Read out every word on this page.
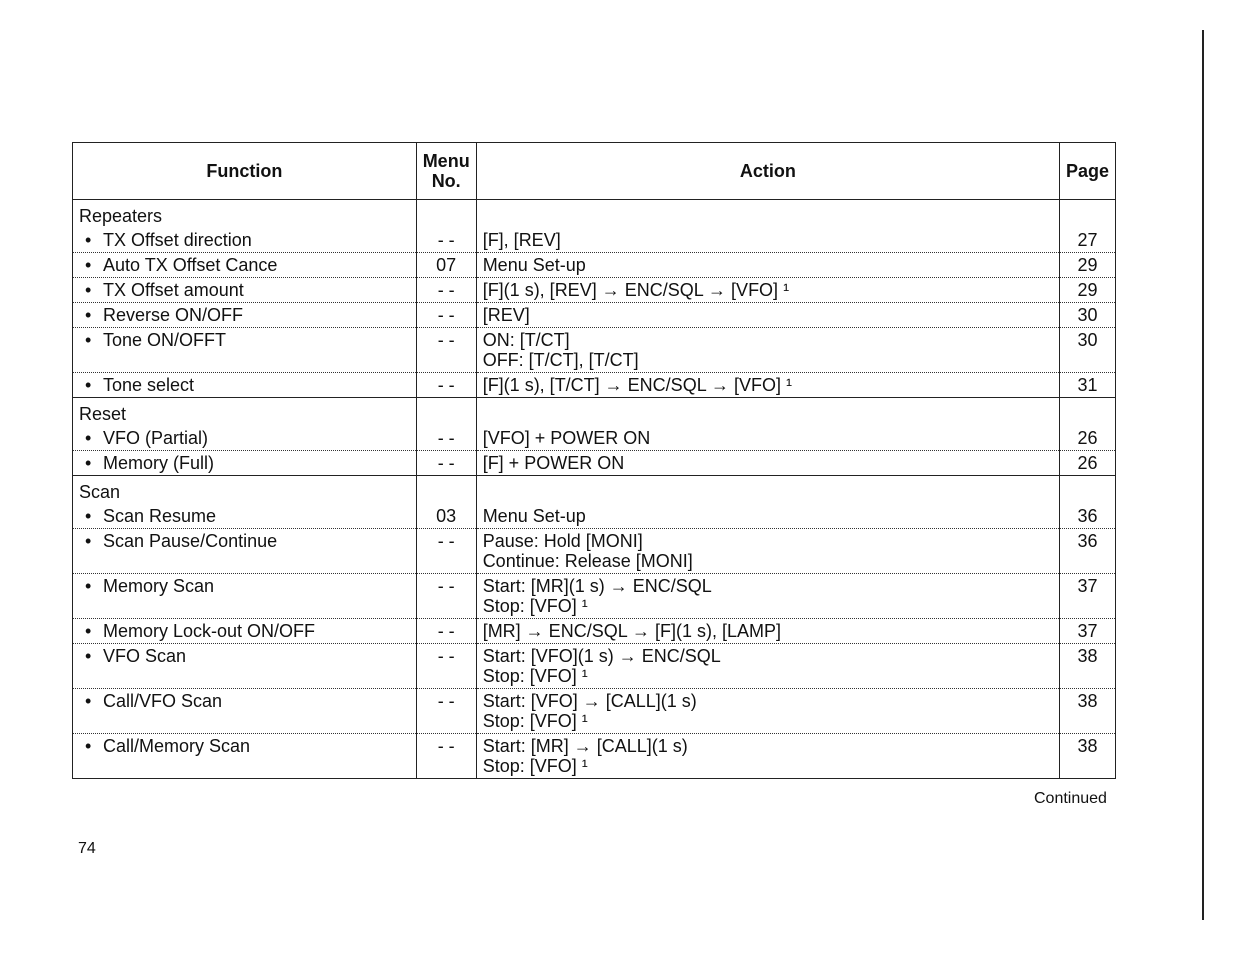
Function	Menu No.	Action	Page
Repeaters			
• TX Offset direction	- -	[F], [REV]	27
• Auto TX Offset Cance	07	Menu Set-up	29
• TX Offset amount	- -	[F](1 s), [REV] → ENC/SQL → [VFO] ¹	29
• Reverse ON/OFF	- -	[REV]	30
• Tone ON/OFFT	- -	ON: [T/CT]
OFF: [T/CT], [T/CT]	30
• Tone select	- -	[F](1 s), [T/CT] → ENC/SQL → [VFO] ¹	31
Reset			
• VFO (Partial)	- -	[VFO] + POWER ON	26
• Memory (Full)	- -	[F] + POWER ON	26
Scan			
• Scan Resume	03	Menu Set-up	36
• Scan Pause/Continue	- -	Pause: Hold [MONI]
Continue: Release [MONI]	36
• Memory Scan	- -	Start: [MR](1 s) → ENC/SQL
Stop: [VFO] ¹	37
• Memory Lock-out ON/OFF	- -	[MR] → ENC/SQL → [F](1 s), [LAMP]	37
• VFO Scan	- -	Start: [VFO](1 s) → ENC/SQL
Stop: [VFO] ¹	38
• Call/VFO Scan	- -	Start: [VFO] → [CALL](1 s)
Stop: [VFO] ¹	38
• Call/Memory Scan	- -	Start: [MR] → [CALL](1 s)
Stop: [VFO] ¹	38
Continued
74
